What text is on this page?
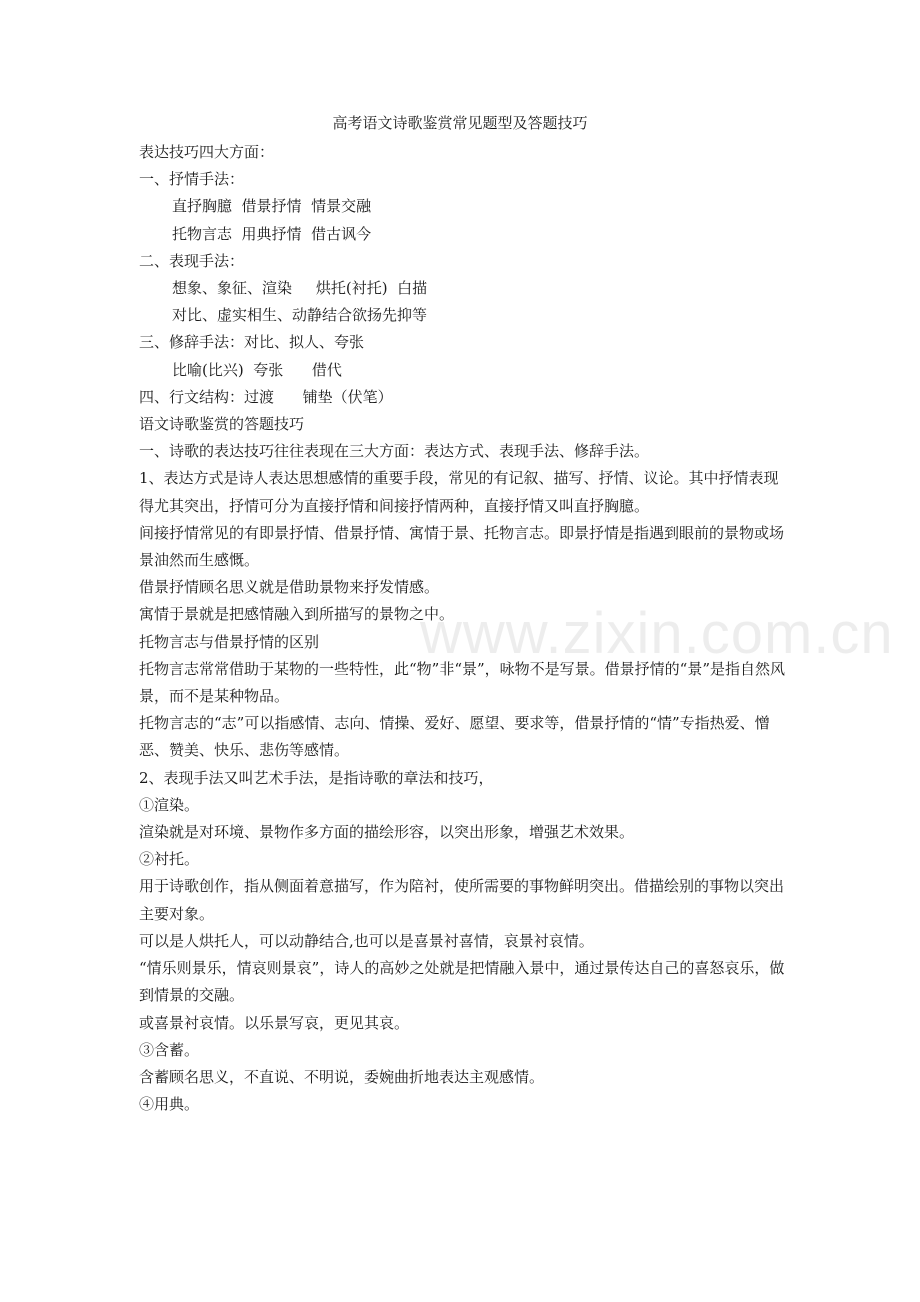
www.zixin.com.cn
高考语文诗歌鉴赏常见题型及答题技巧

表达技巧四大方面：

一、抒情手法：

直抒胸臆  借景抒情  情景交融

托物言志  用典抒情  借古讽今

二、表现手法：

想象、象征、渲染     烘托(衬托)  白描

对比、虚实相生、动静结合欲扬先抑等

三、修辞手法：对比、拟人、夸张

比喻(比兴)  夸张      借代

四、行文结构：过渡      铺垫（伏笔）

语文诗歌鉴赏的答题技巧

一、诗歌的表达技巧往往表现在三大方面：表达方式、表现手法、修辞手法。

1、表达方式是诗人表达思想感情的重要手段，常见的有记叙、描写、抒情、议论。其中抒情表现得尤其突出，抒情可分为直接抒情和间接抒情两种，直接抒情又叫直抒胸臆。

间接抒情常见的有即景抒情、借景抒情、寓情于景、托物言志。即景抒情是指遇到眼前的景物或场景油然而生感慨。

借景抒情顾名思义就是借助景物来抒发情感。

寓情于景就是把感情融入到所描写的景物之中。

托物言志与借景抒情的区别

托物言志常常借助于某物的一些特性，此“物”非“景”，咏物不是写景。借景抒情的“景”是指自然风景，而不是某种物品。

托物言志的“志”可以指感情、志向、情操、爱好、愿望、要求等，借景抒情的“情”专指热爱、憎恶、赞美、快乐、悲伤等感情。

2、表现手法又叫艺术手法，是指诗歌的章法和技巧，

①渲染。

渲染就是对环境、景物作多方面的描绘形容，以突出形象，增强艺术效果。

②衬托。

用于诗歌创作，指从侧面着意描写，作为陪衬，使所需要的事物鲜明突出。借描绘别的事物以突出主要对象。

可以是人烘托人，可以动静结合,也可以是喜景衬喜情，哀景衬哀情。

“情乐则景乐，情哀则景哀”，诗人的高妙之处就是把情融入景中，通过景传达自己的喜怒哀乐，做到情景的交融。

或喜景衬哀情。以乐景写哀，更见其哀。

③含蓄。

含蓄顾名思义，不直说、不明说，委婉曲折地表达主观感情。

④用典。
